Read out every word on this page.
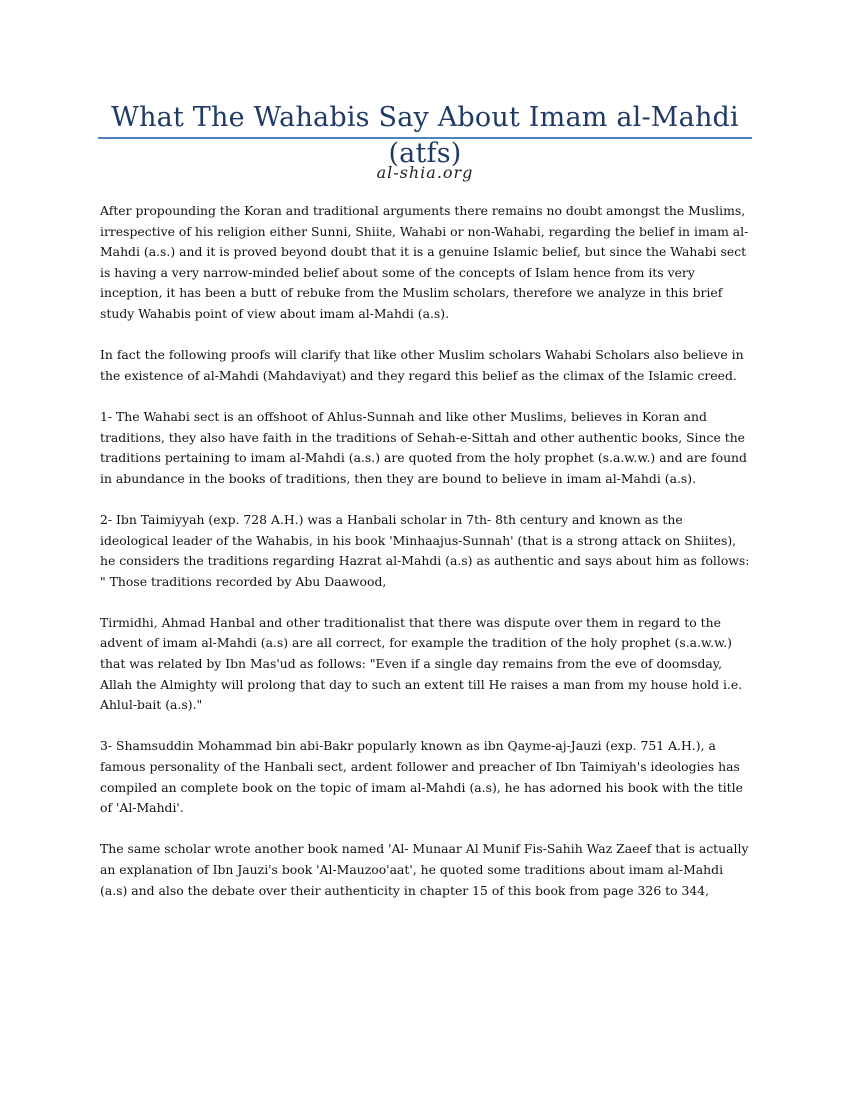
What The Wahabis Say About Imam al-Mahdi (atfs)
al-shia.org

After propounding the Koran and traditional arguments there remains no doubt amongst the Muslims, irrespective of his religion either Sunni, Shiite, Wahabi or non-Wahabi, regarding the belief in imam al-Mahdi (a.s.) and it is proved beyond doubt that it is a genuine Islamic belief, but since the Wahabi sect is having a very narrow-minded belief about some of the concepts of Islam hence from its very inception, it has been a butt of rebuke from the Muslim scholars, therefore we analyze in this brief study Wahabis point of view about imam al-Mahdi (a.s).

In fact the following proofs will clarify that like other Muslim scholars Wahabi Scholars also believe in the existence of al-Mahdi (Mahdaviyat) and they regard this belief as the climax of the Islamic creed.

1- The Wahabi sect is an offshoot of Ahlus-Sunnah and like other Muslims, believes in Koran and traditions, they also have faith in the traditions of Sehah-e-Sittah and other authentic books, Since the traditions pertaining to imam al-Mahdi (a.s.) are quoted from the holy prophet (s.a.w.w.) and are found in abundance in the books of traditions, then they are bound to believe in imam al-Mahdi (a.s).

2- Ibn Taimiyyah (exp. 728 A.H.) was a Hanbali scholar in 7th- 8th century and known as the ideological leader of the Wahabis, in his book 'Minhaajus-Sunnah' (that is a strong attack on Shiites), he considers the traditions regarding Hazrat al-Mahdi (a.s) as authentic and says about him as follows: " Those traditions recorded by Abu Daawood,

Tirmidhi, Ahmad Hanbal and other traditionalist that there was dispute over them in regard to the advent of imam al-Mahdi (a.s) are all correct, for example the tradition of the holy prophet (s.a.w.w.) that was related by Ibn Mas'ud as follows: "Even if a single day remains from the eve of doomsday, Allah the Almighty will prolong that day to such an extent till He raises a man from my house hold i.e. Ahlul-bait (a.s)."

3- Shamsuddin Mohammad bin abi-Bakr popularly known as ibn Qayme-aj-Jauzi (exp. 751 A.H.), a famous personality of the Hanbali sect, ardent follower and preacher of Ibn Taimiyah's ideologies has compiled an complete book on the topic of imam al-Mahdi (a.s), he has adorned his book with the title of 'Al-Mahdi'.

The same scholar wrote another book named 'Al- Munaar Al Munif Fis-Sahih Waz Zaeef that is actually an explanation of Ibn Jauzi's book 'Al-Mauzoo'aat', he quoted some traditions about imam al-Mahdi (a.s) and also the debate over their authenticity in chapter 15 of this book from page 326 to 344,
